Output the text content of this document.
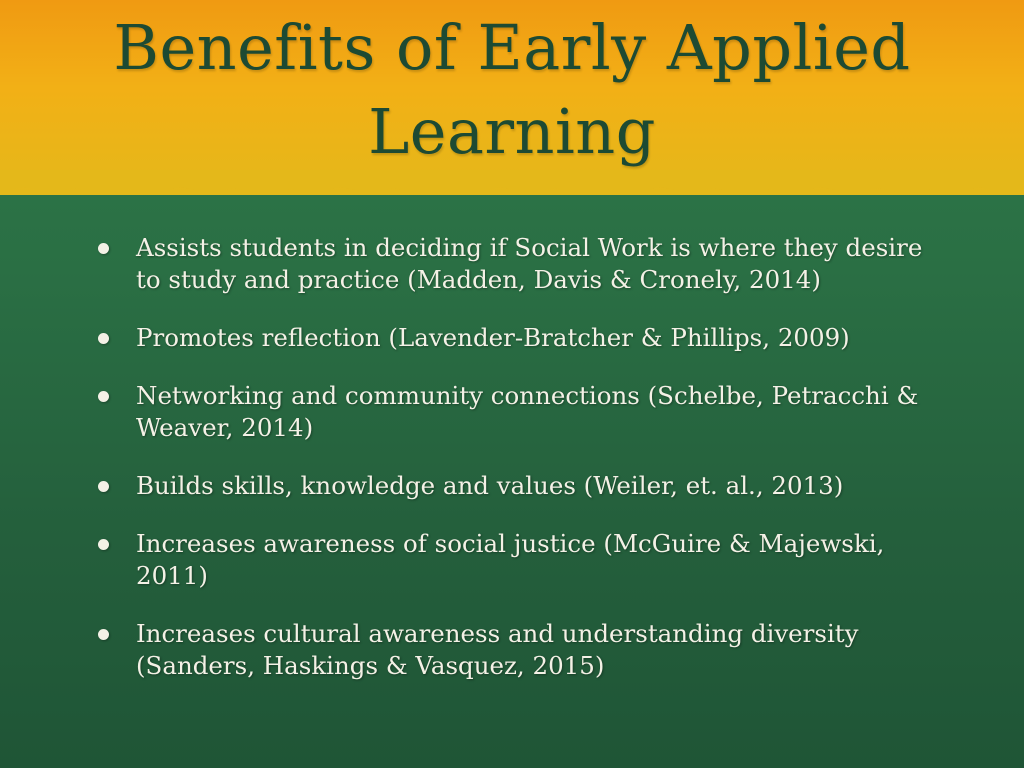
Benefits of Early Applied Learning
Assists students in deciding if Social Work is where they desire to study and practice (Madden, Davis & Cronely, 2014)
Promotes reflection (Lavender-Bratcher & Phillips, 2009)
Networking and community connections (Schelbe, Petracchi & Weaver, 2014)
Builds skills, knowledge and values (Weiler, et. al., 2013)
Increases awareness of social justice (McGuire & Majewski, 2011)
Increases cultural awareness and understanding diversity (Sanders, Haskings & Vasquez, 2015)
